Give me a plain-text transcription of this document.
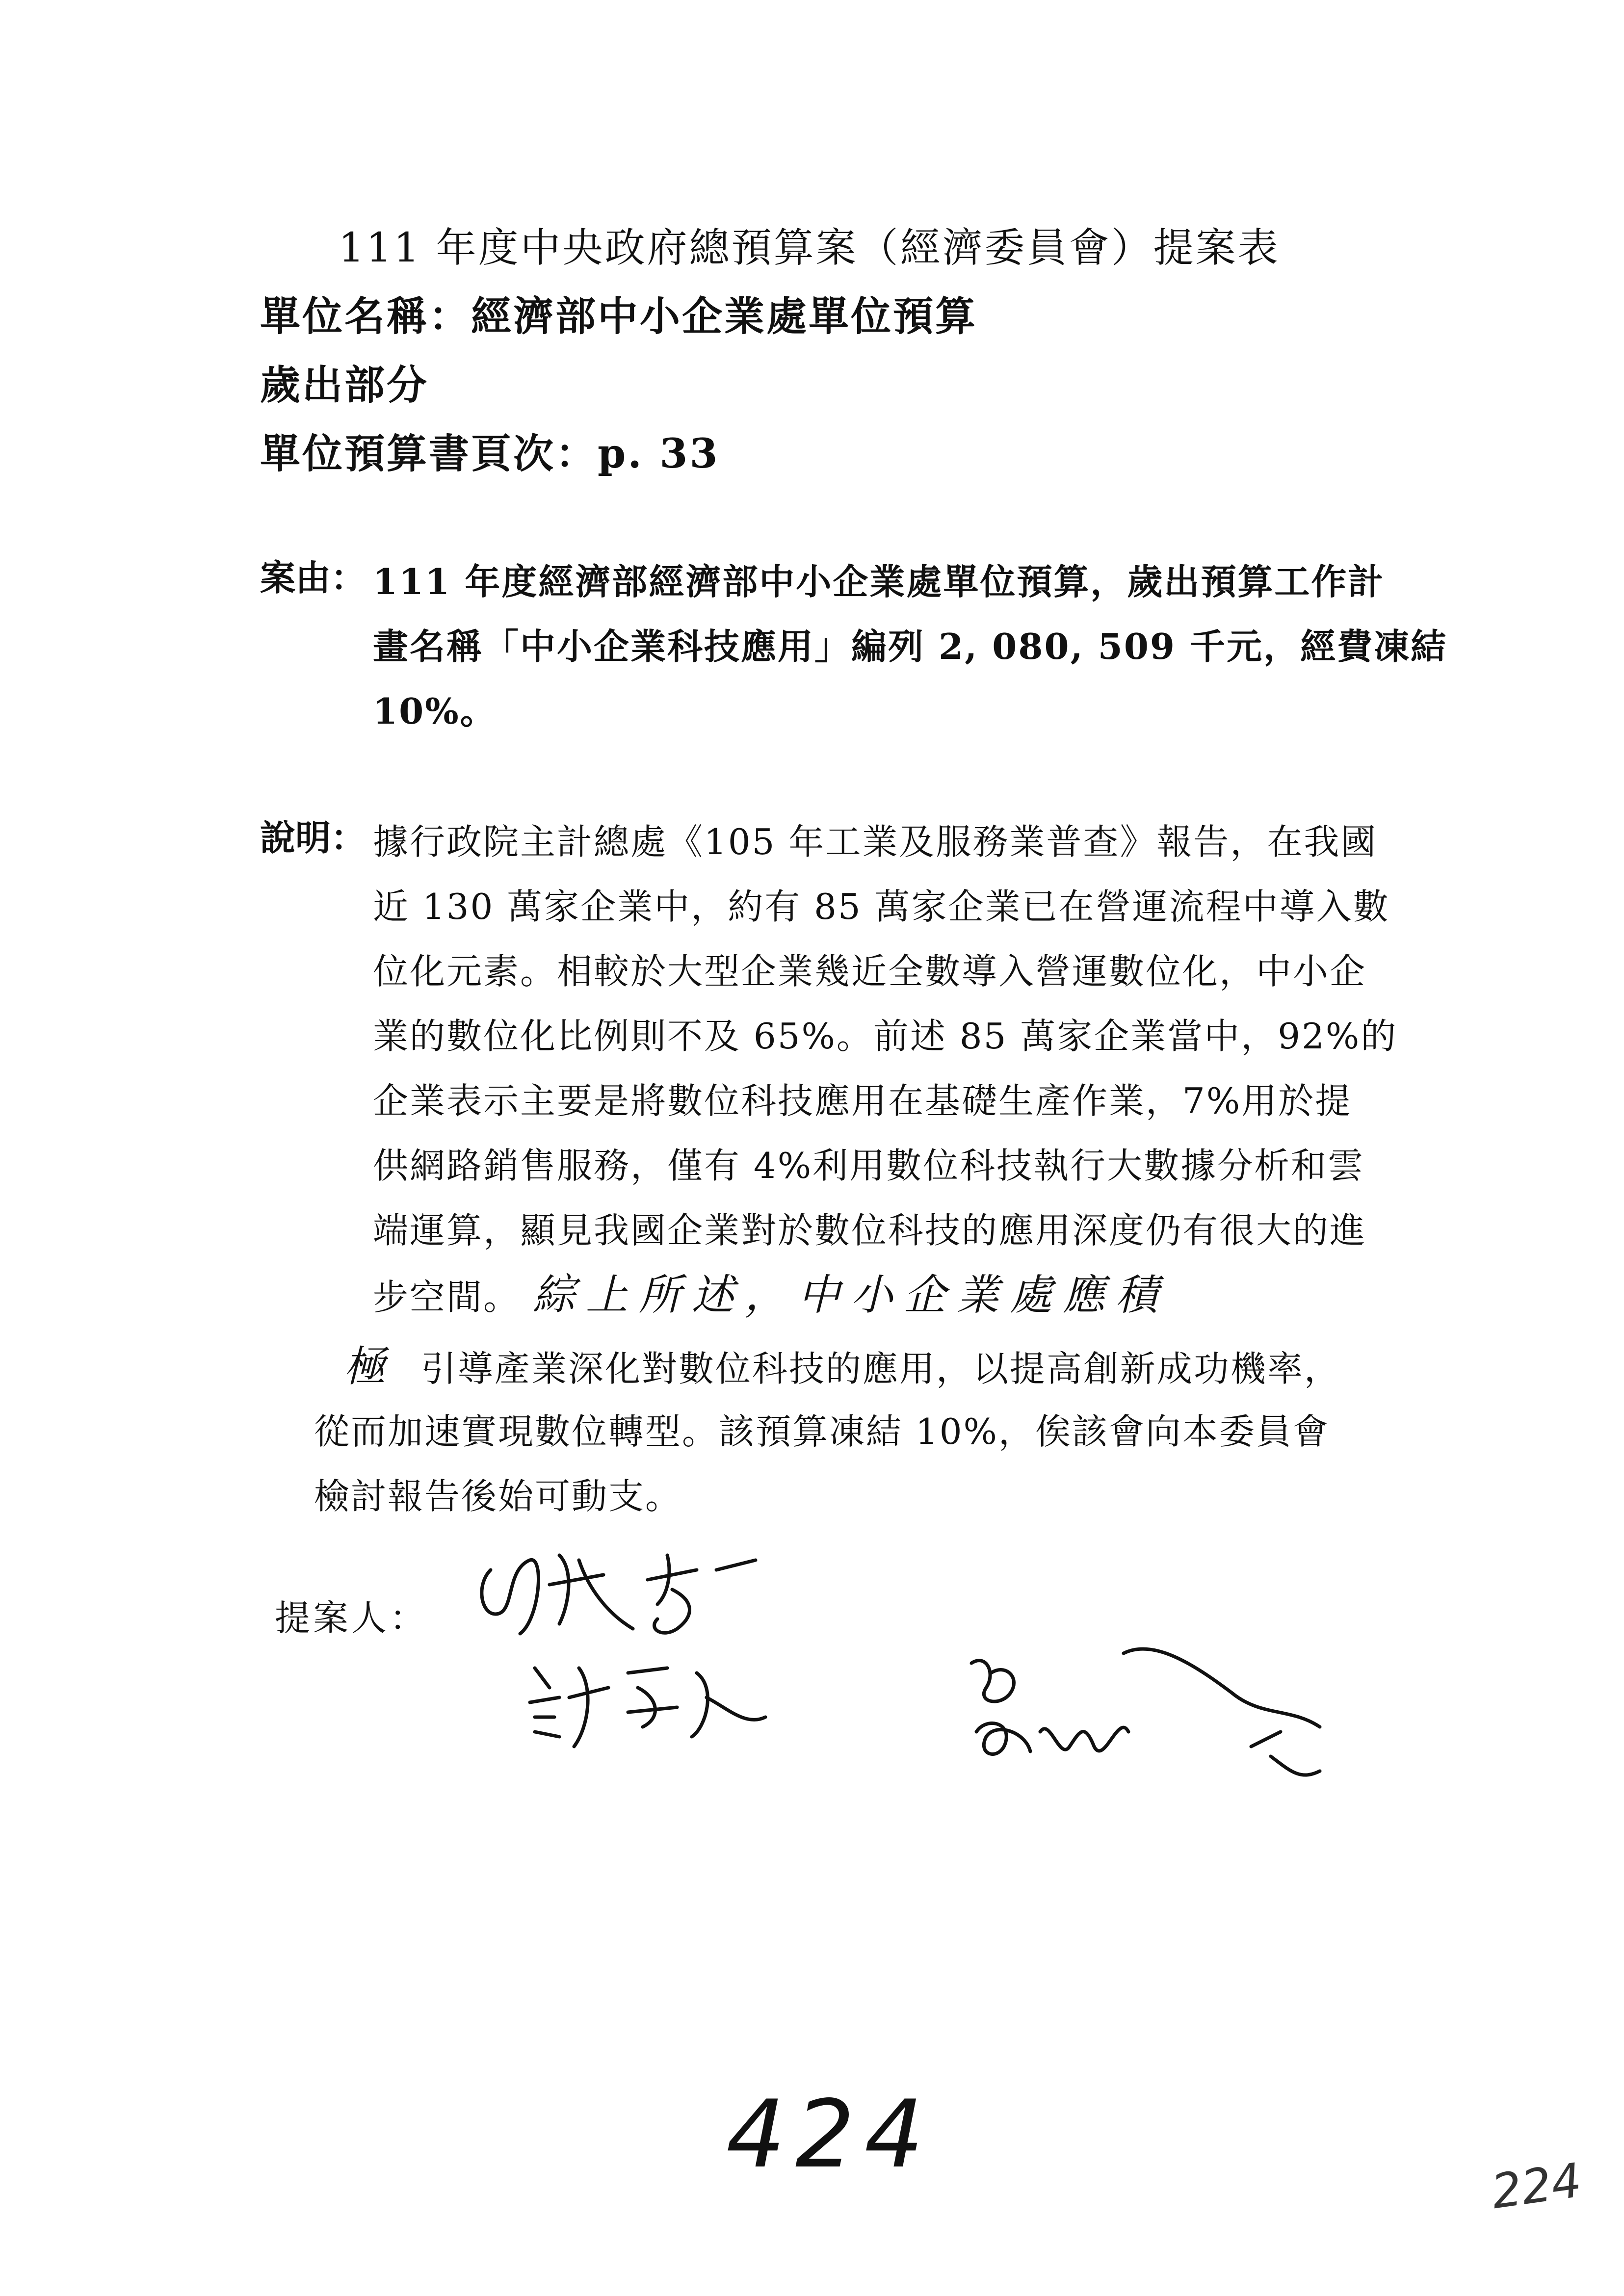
111 年度中央政府總預算案（經濟委員會）提案表
單位名稱：經濟部中小企業處單位預算
歲出部分
單位預算書頁次：p. 33
案由： 111 年度經濟部經濟部中小企業處單位預算，歲出預算工作計
畫名稱「中小企業科技應用」編列 2, 080, 509 千元，經費凍結
10%。
說明： 據行政院主計總處《105 年工業及服務業普查》報告，在我國
近 130 萬家企業中，約有 85 萬家企業已在營運流程中導入數
位化元素。相較於大型企業幾近全數導入營運數位化，中小企
業的數位化比例則不及 65%。前述 85 萬家企業當中，92%的
企業表示主要是將數位科技應用在基礎生產作業，7%用於提
供網路銷售服務，僅有 4%利用數位科技執行大數據分析和雲
端運算，顯見我國企業對於數位科技的應用深度仍有很大的進
步空間。 綜上所述，中小企業處應積
極 引導產業深化對數位科技的應用，以提高創新成功機率，
從而加速實現數位轉型。該預算凍結 10%，俟該會向本委員會
檢討報告後始可動支。
提案人：
424	224
